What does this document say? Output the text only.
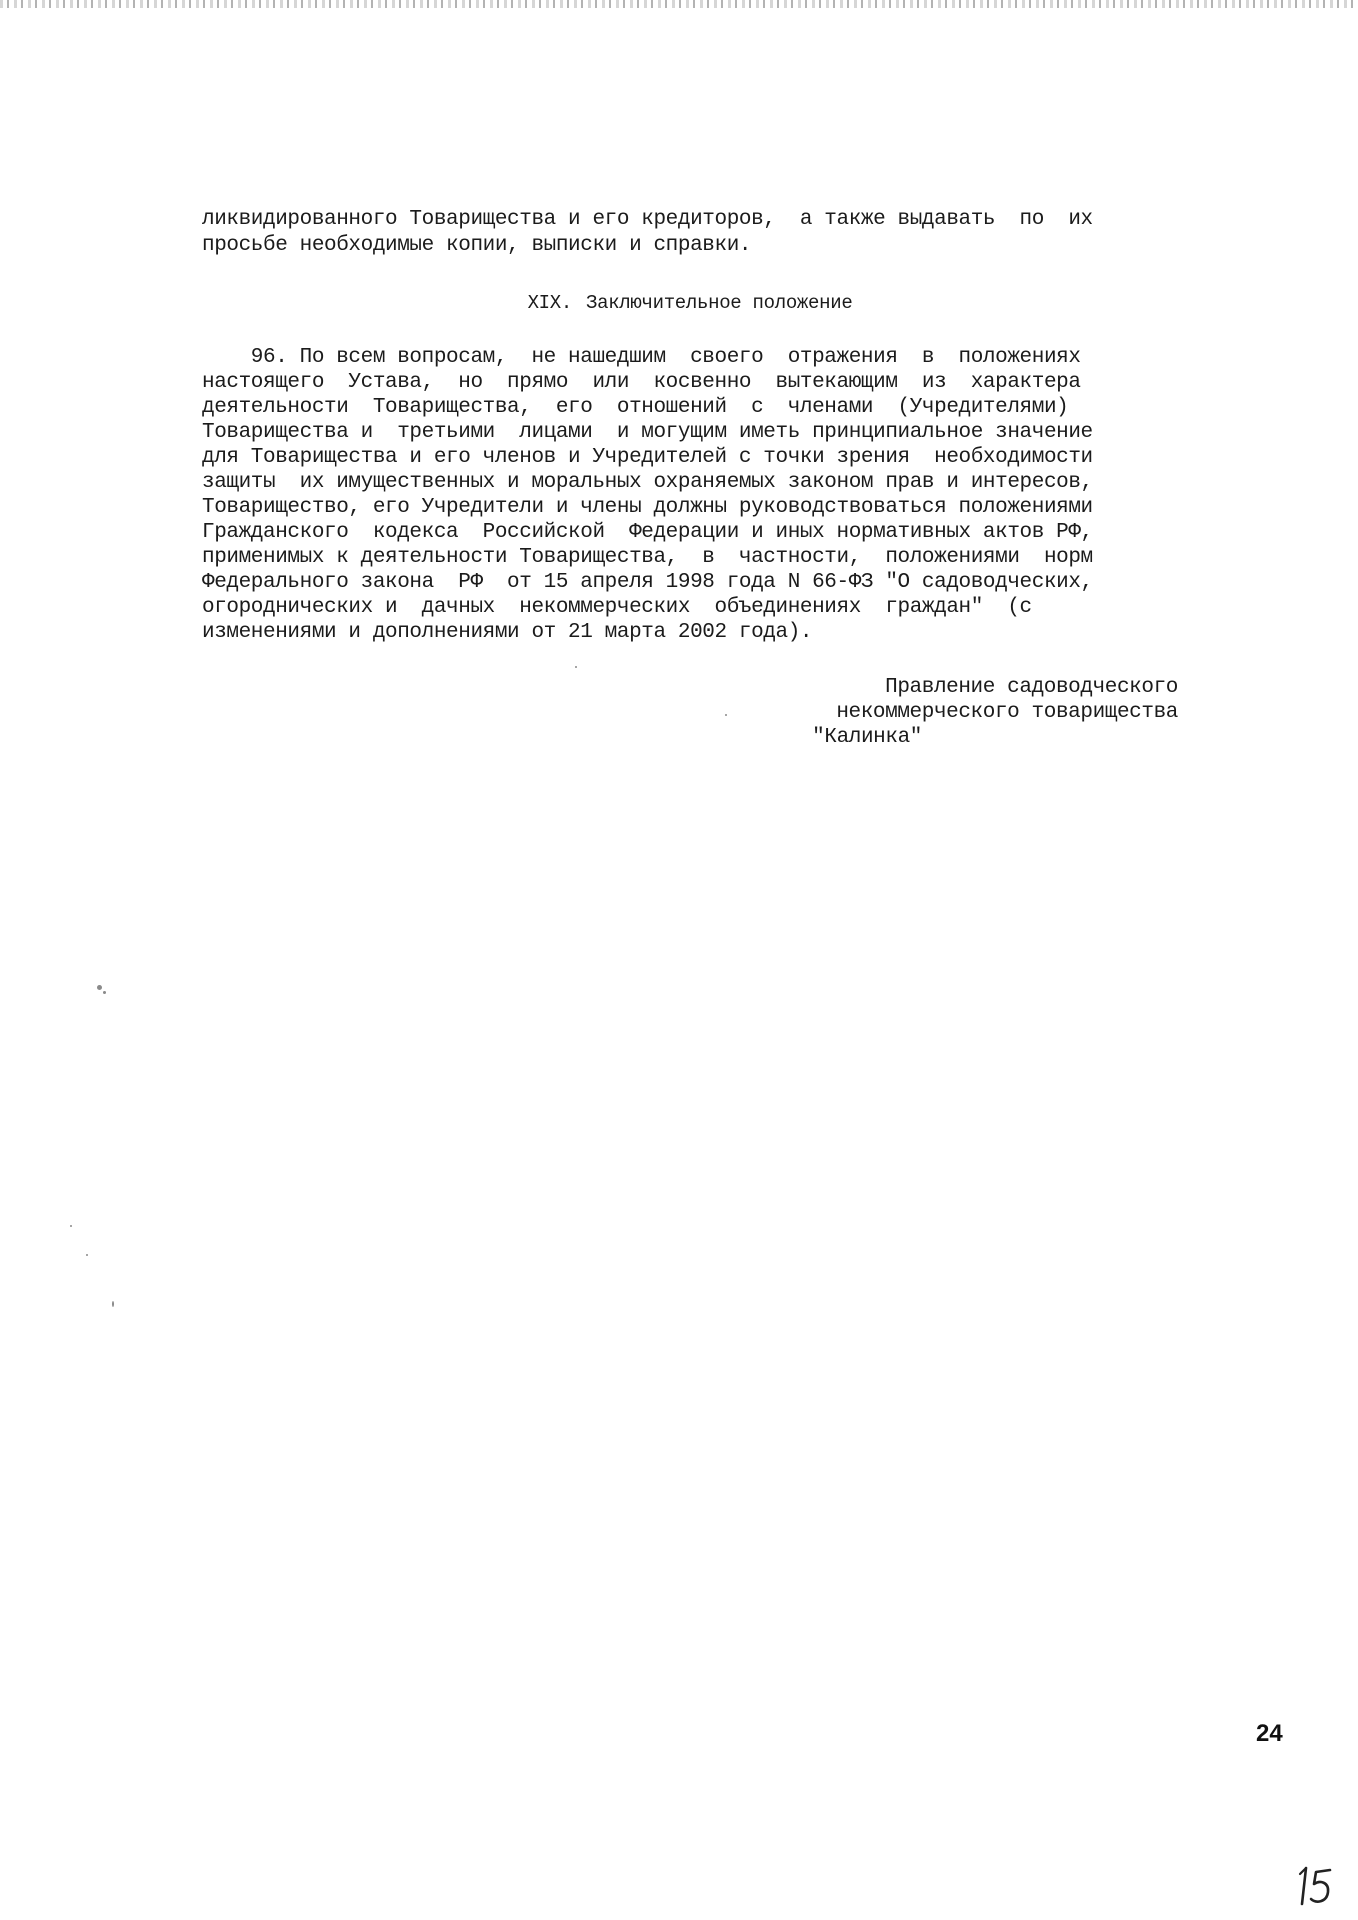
ликвидированного Товарищества и его кредиторов,  а также выдавать  по  их
просьбе необходимые копии, выписки и справки.
XIX. Заключительное положение
96. По всем вопросам,  не нашедшим  своего  отражения  в  положениях
настоящего  Устава,  но  прямо  или  косвенно  вытекающим  из  характера
деятельности  Товарищества,  его  отношений  с  членами  (Учредителями)
Товарищества и  третьими  лицами  и могущим иметь принципиальное значение
для Товарищества и его членов и Учредителей с точки зрения  необходимости
защиты  их имущественных и моральных охраняемых законом прав и интересов,
Товарищество, его Учредители и члены должны руководствоваться положениями
Гражданского  кодекса  Российской  Федерации и иных нормативных актов РФ,
применимых к деятельности Товарищества,  в  частности,  положениями  норм
Федерального закона  РФ  от 15 апреля 1998 года N 66-ФЗ "О садоводческих,
огороднических и  дачных  некоммерческих  объединениях  граждан"  (с
изменениями и дополнениями от 21 марта 2002 года).
Правление садоводческого
некоммерческого товарищества
"Калинка"
24
